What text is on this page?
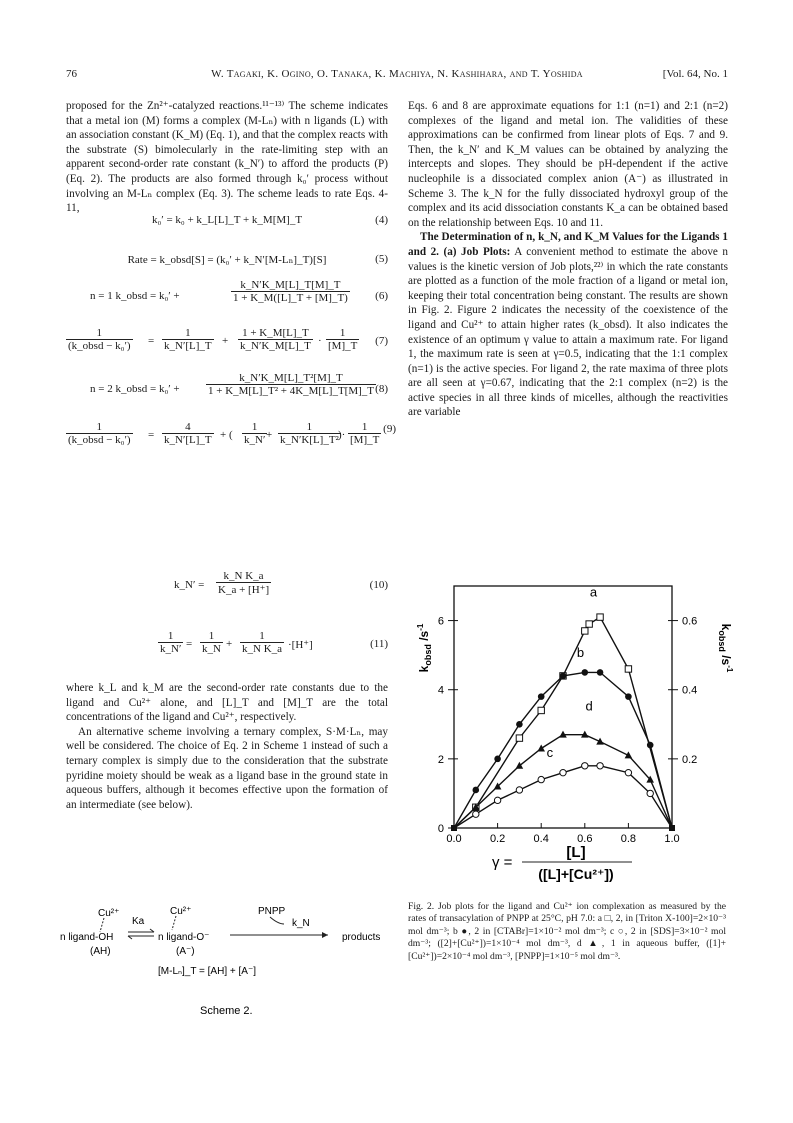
76	W. Tagaki, K. Ogino, O. Tanaka, K. Machiya, N. Kashihara, and T. Yoshida	[Vol. 64, No. 1

proposed for the Zn²⁺-catalyzed reactions.¹¹⁻¹³⁾ The scheme indicates that a metal ion (M) forms a complex (M-Lₙ) with n ligands (L) with an association constant (K_M) (Eq. 1), and that the complex reacts with the substrate (S) bimolecularly in the rate-limiting step with an apparent second-order rate constant (k_N′) to afford the products (P) (Eq. 2). The products are also formed through k₀′ process without involving an M-Lₙ complex (Eq. 3). The scheme leads to rate Eqs. 4-11,

k₀′ = k₀ + k_L[L]_T + k_M[M]_T	(4)
Rate = k_obsd[S] = (k₀′ + k_N′[M-Lₙ]_T)[S]	(5)
n = 1 k_obsd = k₀′ +	$\frac{k\_N'K\_M[L]\_T[M]\_T}{1 + K\_M([L]\_T + [M]\_T)} (6)$
1
(k_obsd − $k_0') = \frac{1}{k\_N'[L]\_T} + \frac{1 + K\_M[L]\_T}{k\_N'K\_M[L]\_T} \cdot \frac{1}{[M]\_T} (7)$
n = 2 k_obsd = $k_0' + \frac{\text{k\_N′K\_M[L]\_T²[M]\_T}}{\text{1 + K\_M[L]\_T² + 4K\_M[L]\_T[M]\_T}} (8)$
1
(k_obsd − $k_0') = \frac{4}{k\_N'[L]\_T}$ + ( $\frac{1}{k\_N'}$
+ $\frac{1}{\text{k\_N′K[L]\_T²}}$
)· $\frac{1}{[M]\_T} (9)$
k_N′ = $\frac{\text{k\_N K\_a}}{K\_a + [H^+]}$	(10)
$\frac{1}{k\_N'} = \frac{1}{k\_N} + \frac{1}{\text{k\_N K\_a}} \cdot[H^+]$	(11)

where k_L and k_M are the second-order rate constants due to the ligand and Cu²⁺ alone, and [L]_T and [M]_T are the total concentrations of the ligand and Cu²⁺, respectively.

An alternative scheme involving a ternary complex, S·M·Lₙ, may well be considered. The choice of Eq. 2 in Scheme 1 instead of such a ternary complex is simply due to the consideration that the substrate pyridine moiety should be weak as a ligand base in the ground state in aqueous buffers, although it becomes effective upon the formation of an intermediate (see below).

Eqs. 6 and 8 are approximate equations for 1:1 (n=1) and 2:1 (n=2) complexes of the ligand and metal ion. The validities of these approximations can be confirmed from linear plots of Eqs. 7 and 9. Then, the k_N′ and K_M values can be obtained by analyzing the intercepts and slopes. They should be pH-dependent if the active nucleophile is a dissociated complex anion (A⁻) as illustrated in Scheme 3. The k_N for the fully dissociated hydroxyl group of the complex and its acid dissociation constants K_a can be obtained based on the relationship between Eqs. 10 and 11.

The Determination of n, k_N, and K_M Values for the Ligands 1 and 2. (a) Job Plots: A convenient method to estimate the above n values is the kinetic version of Job plots,²²⁾ in which the rate constants are plotted as a function of the mole fraction of a ligand or metal ion, keeping their total concentration being constant. The results are shown in Fig. 2. Figure 2 indicates the necessity of the coexistence of the ligand and Cu²⁺ to attain higher rates (k_obsd). It also indicates the existence of an optimum γ value to attain a maximum rate. For ligand 1, the maximum rate is seen at γ=0.5, indicating that the 1:1 complex (n=1) is the active species. For ligand 2, the rate maxima of three plots are all seen at γ=0.67, indicating that the 2:1 complex (n=2) is the active species in all three kinds of micelles, although the reactivities are variable

0.0	0.2	0.4	0.6	0.8	1.0
0
2
4
6
0.2
0.4
0.6
a
b
c
d
$k_{obsd}$ $/s^{-1}$	$k_{obsd}$ $/s^{-1}$
γ =
[L]
([L]+[Cu²⁺])
Cu²⁺	Cu²⁺
n ligand-OH
Ka
n ligand-O⁻
PNPP
k_N
products
(AH)	(A⁻)
[M-Lₙ]_T = [AH] + [A⁻]
Scheme 2.
Fig. 2. Job plots for the ligand and Cu²⁺ ion complexation as measured by the rates of transacylation of PNPP at 25°C, pH 7.0: a □, 2, in [Triton X-100]=2×10⁻³ mol dm⁻³; b ●, 2 in [CTABr]=1×10⁻² mol dm⁻³; c ○, 2 in [SDS]=3×10⁻² mol dm⁻³; ([2]+[Cu²⁺])=1×10⁻⁴ mol dm⁻³, d ▲, 1 in aqueous buffer, ([1]+[Cu²⁺])=2×10⁻⁴ mol dm⁻³, [PNPP]=1×10⁻⁵ mol dm⁻³.
